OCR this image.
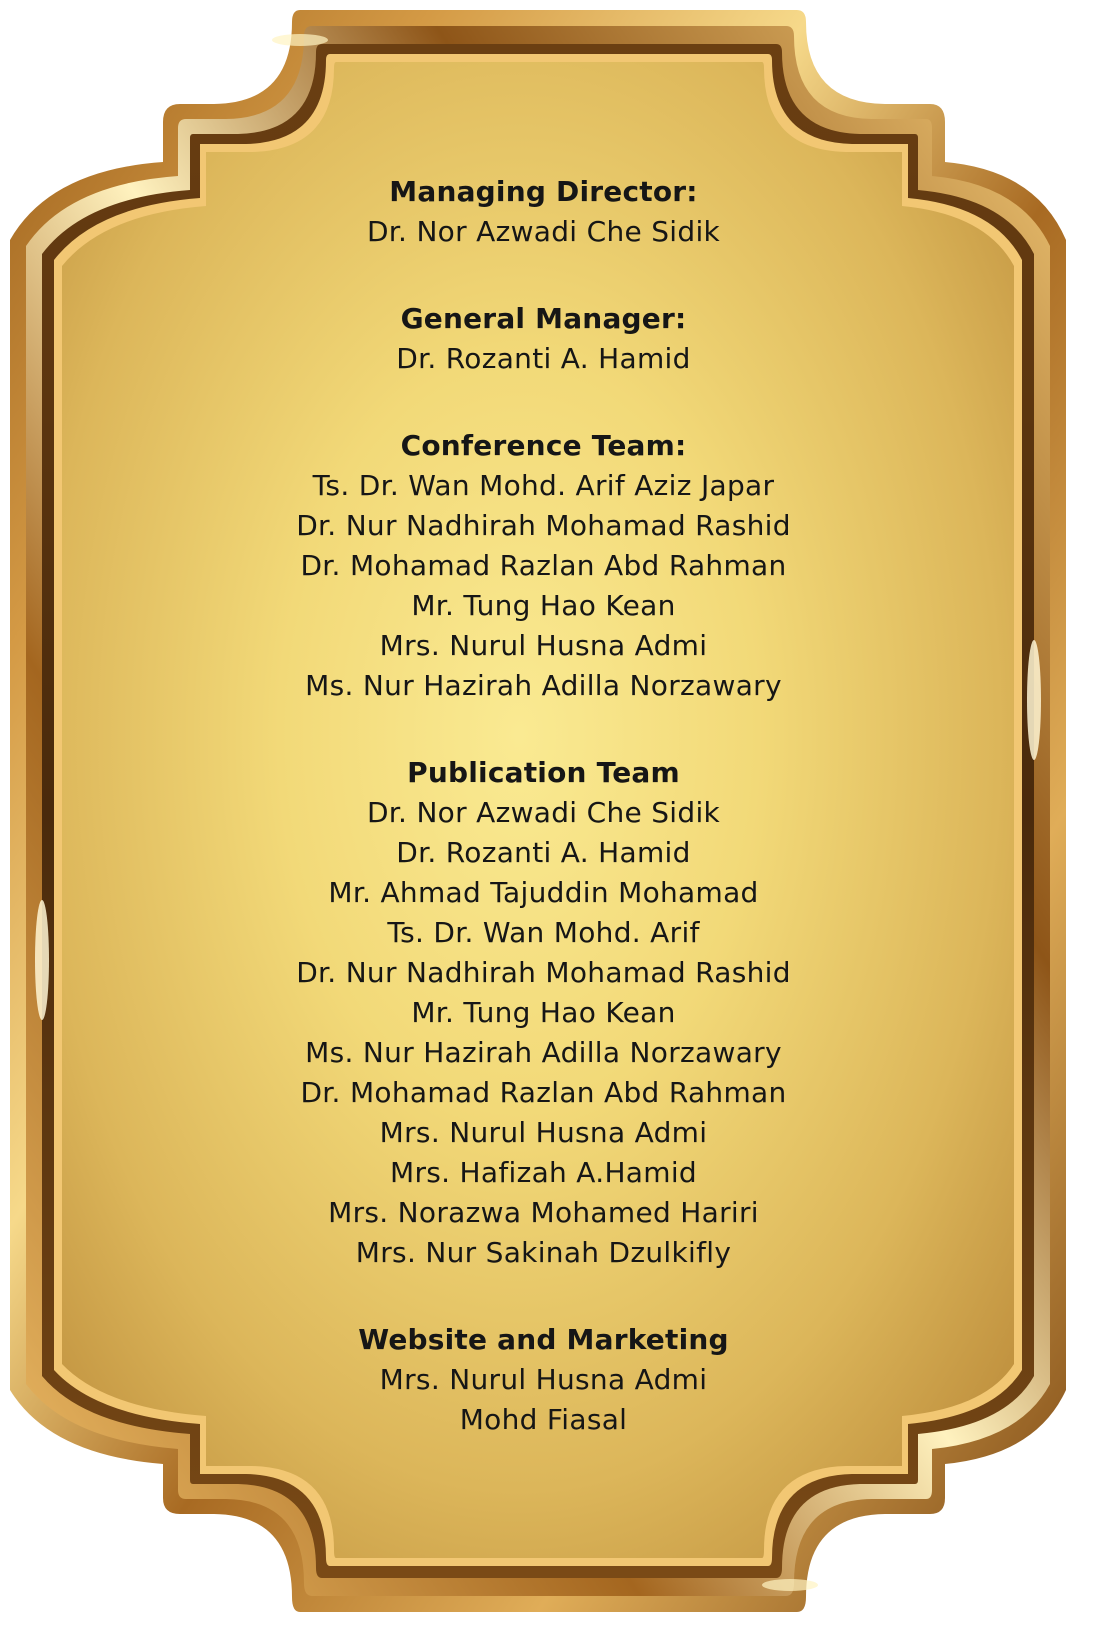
Managing Director:
Dr. Nor Azwadi Che Sidik
General Manager:
Dr. Rozanti A. Hamid
Conference Team:
Ts. Dr. Wan Mohd. Arif Aziz Japar
Dr. Nur Nadhirah Mohamad Rashid
Dr. Mohamad Razlan Abd Rahman
Mr. Tung Hao Kean
Mrs. Nurul Husna Admi
Ms. Nur Hazirah Adilla Norzawary
Publication Team
Dr. Nor Azwadi Che Sidik
Dr. Rozanti A. Hamid
Mr. Ahmad Tajuddin Mohamad
Ts. Dr. Wan Mohd. Arif
Dr. Nur Nadhirah Mohamad Rashid
Mr. Tung Hao Kean
Ms. Nur Hazirah Adilla Norzawary
Dr. Mohamad Razlan Abd Rahman
Mrs. Nurul Husna Admi
Mrs. Hafizah A.Hamid
Mrs. Norazwa Mohamed Hariri
Mrs. Nur Sakinah Dzulkifly
Website and Marketing
Mrs. Nurul Husna Admi
Mohd Fiasal
